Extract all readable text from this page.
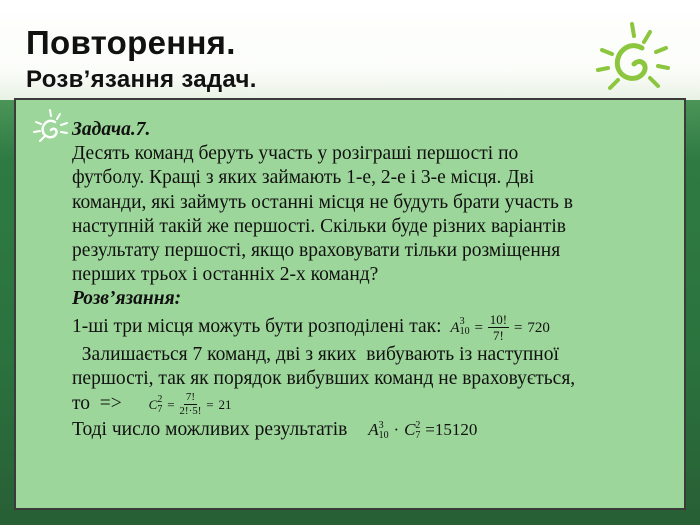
Повторення.
Розв’язання задач.

Задача.7.

Десять команд беруть участь у розіграші першості по

футболу. Кращі з яких займають 1-е, 2-е і 3-е місця. Дві

команди, які займуть останні місця не будуть брати участь в

наступній такій же першості. Скільки буде різних варіантів

результату першості, якщо враховувати тільки розміщення

перших трьох і останніх 2-х команд?

Розв’язання:

1-ші три місця можуть бути розподілені так: A 3
$10 = \frac{10!}{7!} = 720$

Залишається 7 команд, дві з яких  вибувають із наступної

першості, так як порядок вибувших команд не враховується,

то  => C 2
$7 = \frac{7!}{2!\cdot 5!} = 21$

Тоді число можливих результатів A 3
10 · C 2
7 =15120
